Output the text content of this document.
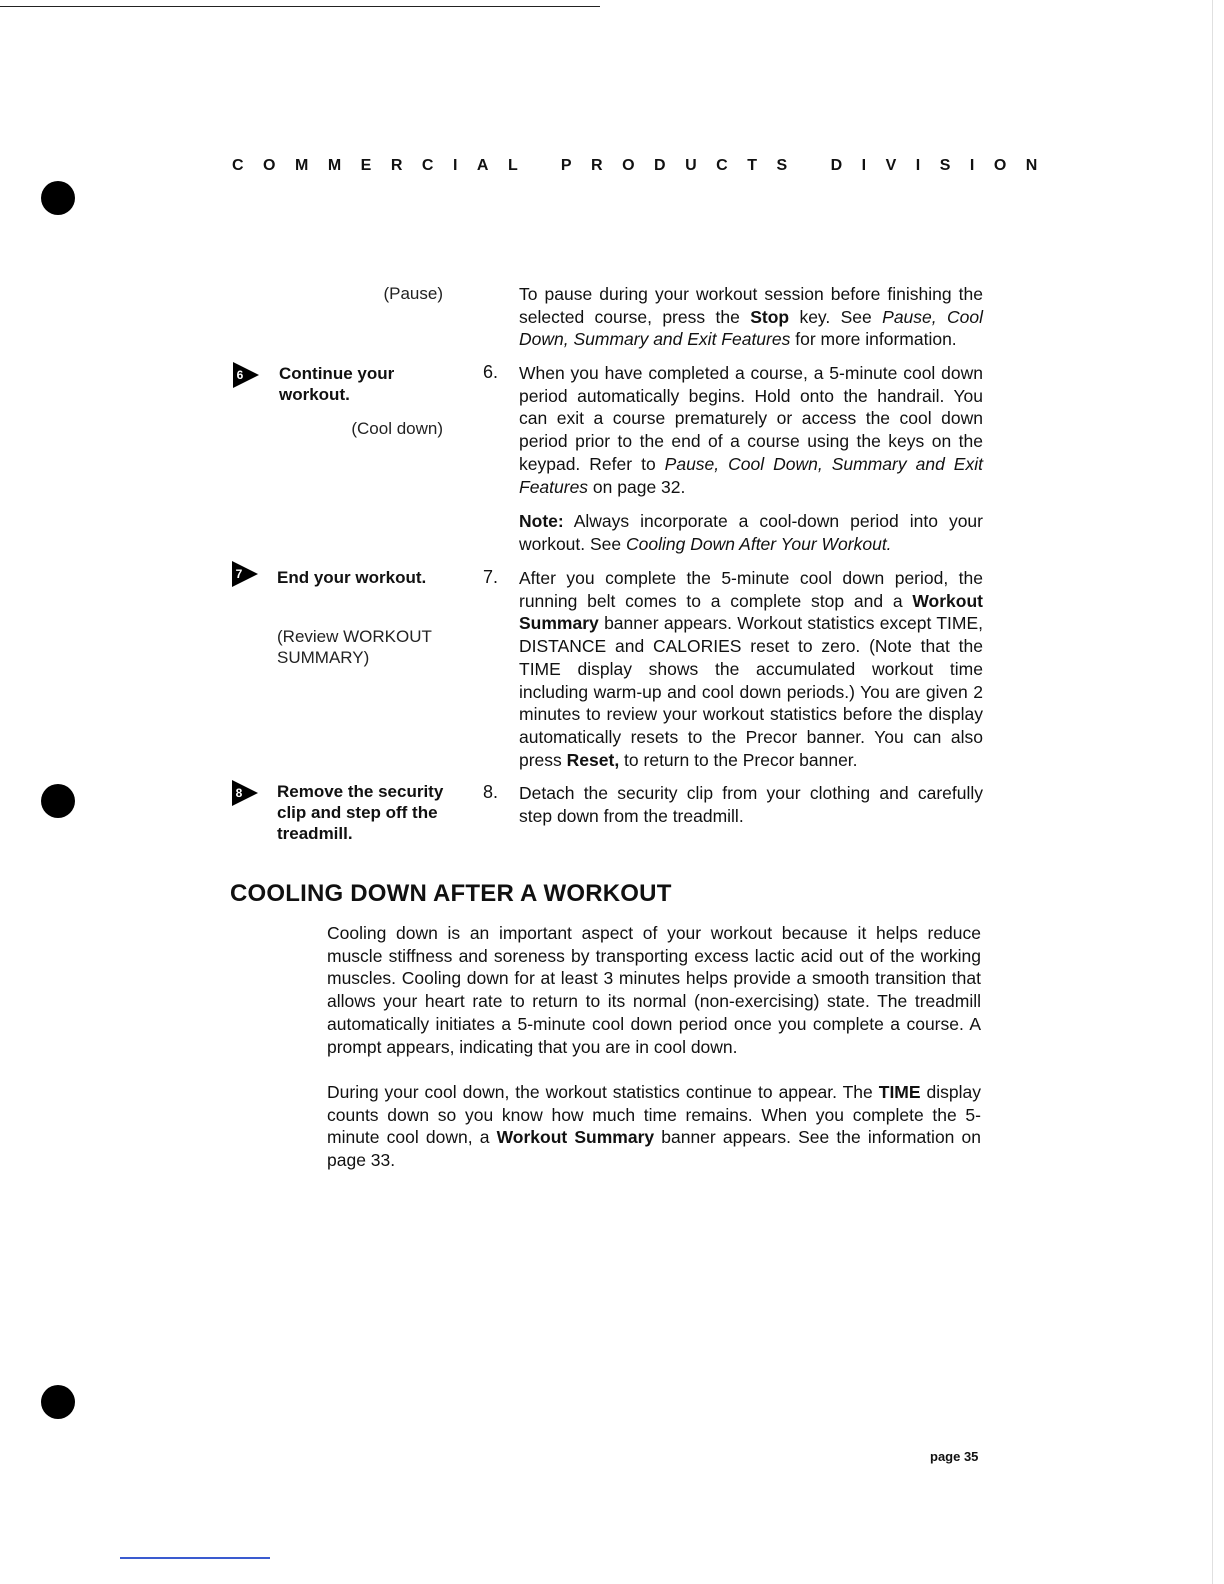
COMMERCIAL PRODUCTS DIVISION
(Pause)	To pause during your workout session before finishing the selected course, press the Stop key. See Pause, Cool Down, Summary and Exit Features for more information.

6 Continue your workout.
(Cool down)
6. When you have completed a course, a 5-minute cool down period automatically begins. Hold onto the handrail. You can exit a course prematurely or access the cool down period prior to the end of a course using the keys on the keypad. Refer to Pause, Cool Down, Summary and Exit Features on page 32.

Note: Always incorporate a cool-down period into your workout. See Cooling Down After Your Workout.

7 End your workout.
(Review WORKOUT SUMMARY)
7. After you complete the 5-minute cool down period, the running belt comes to a complete stop and a Workout Summary banner appears. Workout statistics except TIME, DISTANCE and CALORIES reset to zero. (Note that the TIME display shows the accumulated workout time including warm-up and cool down periods.) You are given 2 minutes to review your workout statistics before the display automatically resets to the Precor banner. You can also press Reset, to return to the Precor banner.

8 Remove the security clip and step off the treadmill.
8. Detach the security clip from your clothing and carefully step down from the treadmill.

COOLING DOWN AFTER A WORKOUT

Cooling down is an important aspect of your workout because it helps reduce muscle stiffness and soreness by transporting excess lactic acid out of the working muscles. Cooling down for at least 3 minutes helps provide a smooth transition that allows your heart rate to return to its normal (non-exercising) state. The treadmill automatically initiates a 5-minute cool down period once you complete a course. A prompt appears, indicating that you are in cool down.

During your cool down, the workout statistics continue to appear. The TIME display counts down so you know how much time remains. When you complete the 5-minute cool down, a Workout Summary banner appears. See the information on page 33.

page 35
